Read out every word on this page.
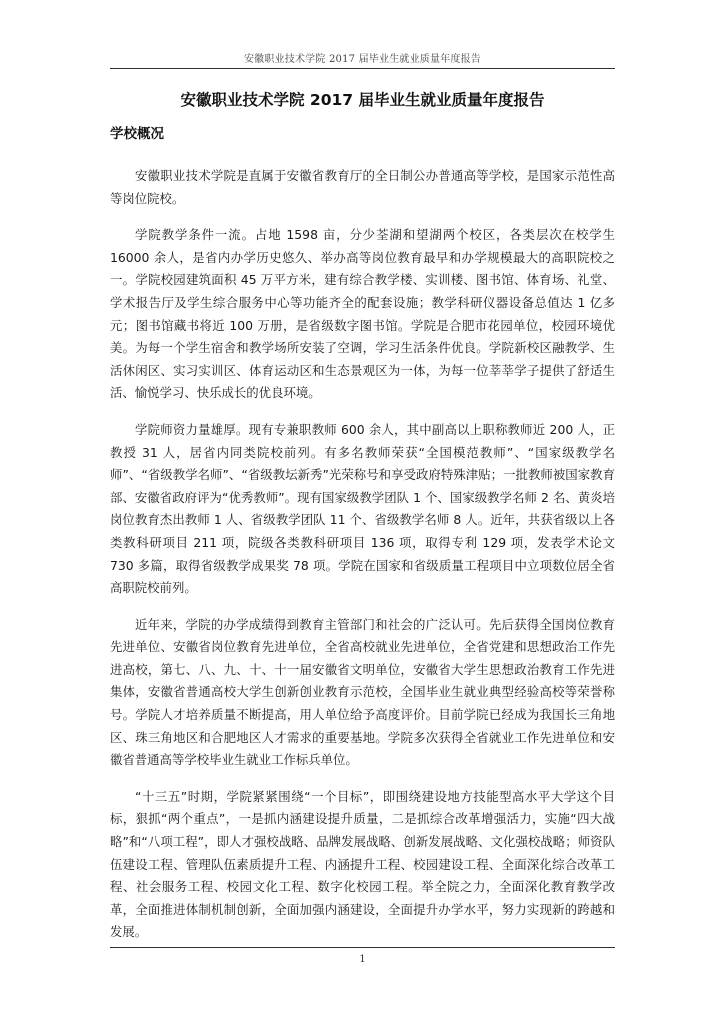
安徽职业技术学院 2017 届毕业生就业质量年度报告
安徽职业技术学院 2017 届毕业生就业质量年度报告
学校概况

安徽职业技术学院是直属于安徽省教育厅的全日制公办普通高等学校，是国家示范性高等岗位院校。

学院教学条件一流。占地 1598 亩，分少荃湖和望湖两个校区，各类层次在校学生 16000 余人，是省内办学历史悠久、举办高等岗位教育最早和办学规模最大的高职院校之一。学院校园建筑面积 45 万平方米，建有综合教学楼、实训楼、图书馆、体育场、礼堂、学术报告厅及学生综合服务中心等功能齐全的配套设施；教学科研仪器设备总值达 1 亿多元；图书馆藏书将近 100 万册，是省级数字图书馆。学院是合肥市花园单位，校园环境优美。为每一个学生宿舍和教学场所安装了空调，学习生活条件优良。学院新校区融教学、生活休闲区、实习实训区、体育运动区和生态景观区为一体，为每一位莘莘学子提供了舒适生活、愉悦学习、快乐成长的优良环境。

学院师资力量雄厚。现有专兼职教师 600 余人，其中副高以上职称教师近 200 人，正教授 31 人，居省内同类院校前列。有多名教师荣获“全国模范教师”、“国家级教学名师”、“省级教学名师”、“省级教坛新秀”光荣称号和享受政府特殊津贴；一批教师被国家教育部、安徽省政府评为“优秀教师”。现有国家级教学团队 1 个、国家级教学名师 2 名、黄炎培岗位教育杰出教师 1 人、省级教学团队 11 个、省级教学名师 8 人。近年，共获省级以上各类教科研项目 211 项，院级各类教科研项目 136 项，取得专利 129 项，发表学术论文 730 多篇，取得省级教学成果奖 78 项。学院在国家和省级质量工程项目中立项数位居全省高职院校前列。

近年来，学院的办学成绩得到教育主管部门和社会的广泛认可。先后获得全国岗位教育先进单位、安徽省岗位教育先进单位，全省高校就业先进单位，全省党建和思想政治工作先进高校，第七、八、九、十、十一届安徽省文明单位，安徽省大学生思想政治教育工作先进集体，安徽省普通高校大学生创新创业教育示范校，全国毕业生就业典型经验高校等荣誉称号。学院人才培养质量不断提高，用人单位给予高度评价。目前学院已经成为我国长三角地区、珠三角地区和合肥地区人才需求的重要基地。学院多次获得全省就业工作先进单位和安徽省普通高等学校毕业生就业工作标兵单位。

“十三五”时期，学院紧紧围绕“一个目标”，即围绕建设地方技能型高水平大学这个目标，狠抓“两个重点”，一是抓内涵建设提升质量，二是抓综合改革增强活力，实施“四大战略”和“八项工程”，即人才强校战略、品牌发展战略、创新发展战略、文化强校战略；师资队伍建设工程、管理队伍素质提升工程、内涵提升工程、校园建设工程、全面深化综合改革工程、社会服务工程、校园文化工程、数字化校园工程。举全院之力，全面深化教育教学改革，全面推进体制机制创新，全面加强内涵建设，全面提升办学水平，努力实现新的跨越和发展。

1
